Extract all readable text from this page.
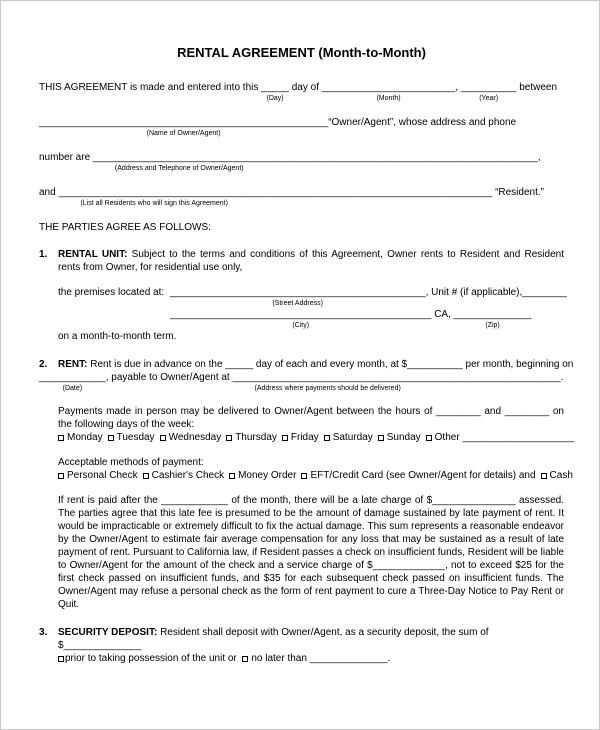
RENTAL AGREEMENT (Month-to-Month)

THIS AGREEMENT is made and entered into this _____
(Day)
day of ________________________
(Month)
, __________
(Year)
between

____________________________________________________
(Name of Owner/Agent)
“Owner/Agent”, whose address and phone

number are ________________________________________________________________________________
(Address and Telephone of Owner/Agent)
,

and ______________________________________________________________________________
(List all Residents who will sign this Agreement)
“Resident.”

THE PARTIES AGREE AS FOLLOWS:

1.	RENTAL UNIT: Subject to the terms and conditions of this Agreement, Owner rents to Resident and Resident rents from Owner, for residential use only,

the premises located at: ______________________________________________
(Street Address)
, Unit # (if applicable), ________

_______________________________________________
(City)
CA, ______________
(Zip)

on a month-to-month term.

2.	RENT: Rent is due in advance on the _____ day of each and every month, at $__________ per month, beginning on

____________
(Date)
, payable to Owner/Agent at ___________________________________________________________
(Address where payments should be delivered)
.

Payments made in person may be delivered to Owner/Agent between the hours of ________ and ________ on the following days of the week:

Monday Tuesday Wednesday Thursday Friday Saturday Sunday Other ____________________

Acceptable methods of payment:

Personal Check Cashier's Check Money Order EFT/Credit Card (see Owner/Agent for details) and Cash

If rent is paid after the ____________ of the month, there will be a late charge of $_______________ assessed. The parties agree that this late fee is presumed to be the amount of damage sustained by late payment of rent. It would be impracticable or extremely difficult to fix the actual damage. This sum represents a reasonable endeavor by the Owner/Agent to estimate fair average compensation for any loss that may be sustained as a result of late payment of rent. Pursuant to California law, if Resident passes a check on insufficient funds, Resident will be liable to Owner/Agent for the amount of the check and a service charge of $_____________, not to exceed $25 for the first check passed on insufficient funds, and $35 for each subsequent check passed on insufficient funds. The Owner/Agent may refuse a personal check as the form of rent payment to cure a Three-Day Notice to Pay Rent or Quit.

3.	SECURITY DEPOSIT: Resident shall deposit with Owner/Agent, as a security deposit, the sum of $______________

prior to taking possession of the unit or no later than ______________.
